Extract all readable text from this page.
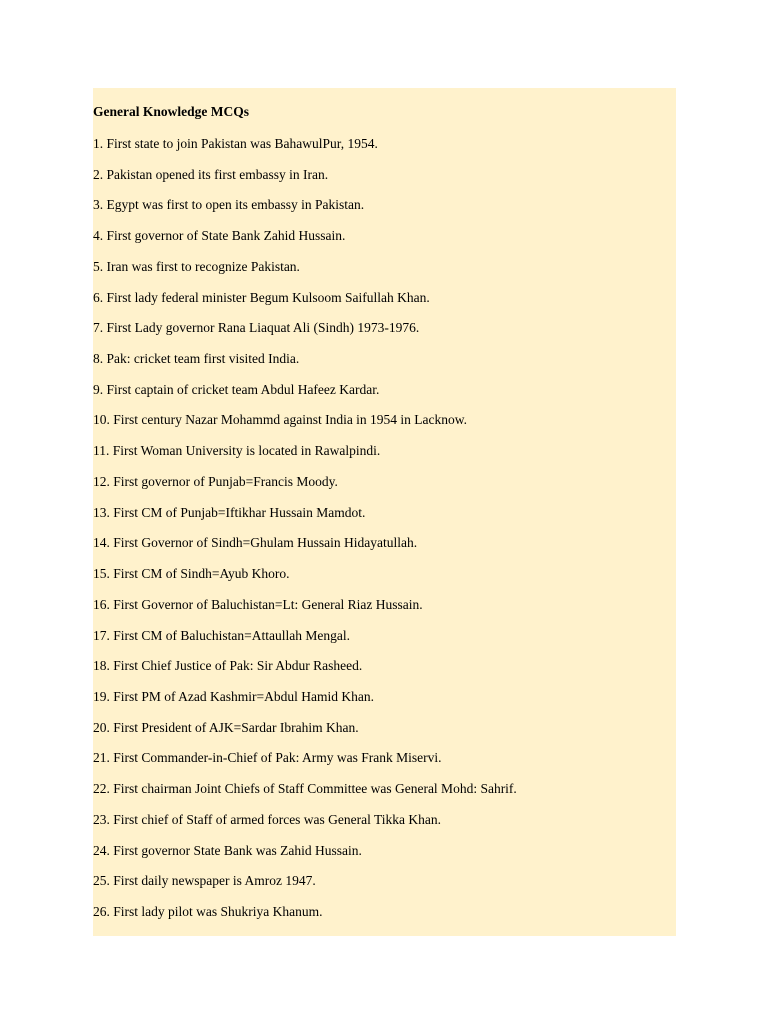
General Knowledge MCQs
1. First state to join Pakistan was BahawulPur, 1954.
2. Pakistan opened its first embassy in Iran.
3. Egypt was first to open its embassy in Pakistan.
4. First governor of State Bank Zahid Hussain.
5. Iran was first to recognize Pakistan.
6. First lady federal minister Begum Kulsoom Saifullah Khan.
7. First Lady governor Rana Liaquat Ali (Sindh) 1973-1976.
8. Pak: cricket team first visited India.
9. First captain of cricket team Abdul Hafeez Kardar.
10. First century Nazar Mohammd against India in 1954 in Lacknow.
11. First Woman University is located in Rawalpindi.
12. First governor of Punjab=Francis Moody.
13. First CM of Punjab=Iftikhar Hussain Mamdot.
14. First Governor of Sindh=Ghulam Hussain Hidayatullah.
15. First CM of Sindh=Ayub Khoro.
16. First Governor of Baluchistan=Lt: General Riaz Hussain.
17. First CM of Baluchistan=Attaullah Mengal.
18. First Chief Justice of Pak: Sir Abdur Rasheed.
19. First PM of Azad Kashmir=Abdul Hamid Khan.
20. First President of AJK=Sardar Ibrahim Khan.
21. First Commander-in-Chief of Pak: Army was Frank Miservi.
22. First chairman Joint Chiefs of Staff Committee was General Mohd: Sahrif.
23. First chief of Staff of armed forces was General Tikka Khan.
24. First governor State Bank was Zahid Hussain.
25. First daily newspaper is Amroz 1947.
26. First lady pilot was Shukriya Khanum.
